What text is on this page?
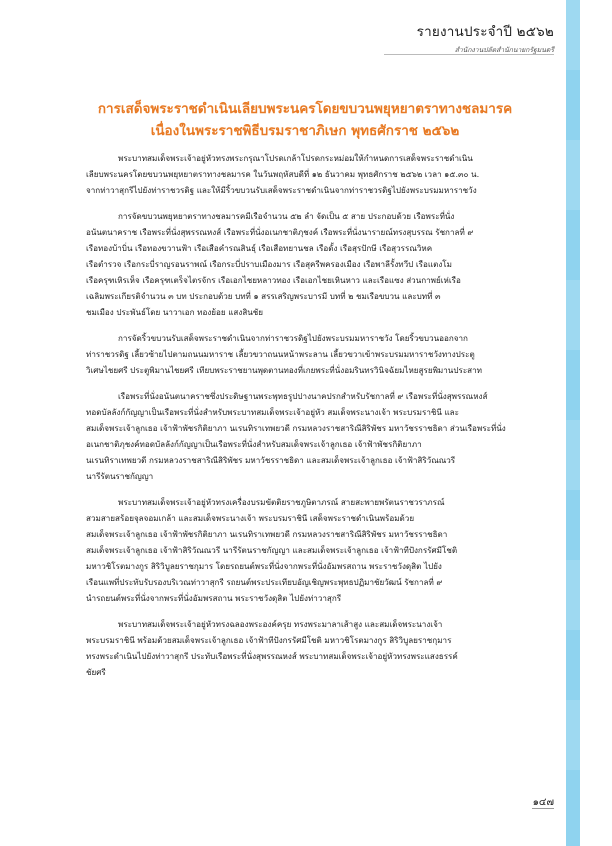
รายงานประจำปี ๒๕๖๒
สำนักงานปลัดสำนักนายกรัฐมนตรี
การเสด็จพระราชดำเนินเลียบพระนครโดยขบวนพยุหยาตราทางชลมารค
เนื่องในพระราชพิธีบรมราชาภิเษก พุทธศักราช ๒๕๖๒

พระบาทสมเด็จพระเจ้าอยู่หัวทรงพระกรุณาโปรดเกล้าโปรดกระหม่อมให้กำหนดการเสด็จพระราชดำเนิน
เลียบพระนครโดยขบวนพยุหยาตราทางชลมารค ในวันพฤหัสบดีที่ ๑๒ ธันวาคม พุทธศักราช ๒๕๖๒ เวลา ๑๕.๓๐ น.
จากท่าวาสุกรีไปยังท่าราชวรดิฐ และให้มีริ้วขบวนรับเสด็จพระราชดำเนินจากท่าราชวรดิฐไปยังพระบรมมหาราชวัง

การจัดขบวนพยุหยาตราทางชลมารคมีเรือจำนวน ๕๒ ลำ จัดเป็น ๕ สาย ประกอบด้วย เรือพระที่นั่ง
อนันตนาคราช เรือพระที่นั่งสุพรรณหงส์ เรือพระที่นั่งอเนกชาติภุชงค์ เรือพระที่นั่งนารายณ์ทรงสุบรรณ รัชกาลที่ ๙
เรือทองบ้าบิ่น เรือทองขวานฟ้า เรือเสือคำรณสินธุ์ เรือเสือทยานชล เรือดั้ง เรือสุรปักษี เรือสุวรรณวิหค
เรือตำรวจ เรือกระบี่ราญรอนราพณ์ เรือกระบี่ปราบเมืองมาร เรือสุครีพครองเมือง เรือพาลีรั้งทวีป เรือแตงโม
เรือครุฑเหิรเห็จ เรือครุฑเตร็จไตรจักร เรือเอกไชยหลาวทอง เรือเอกไชยเหินหาว และเรือแซง ส่วนกาพย์เห่เรือ
เฉลิมพระเกียรติจำนวน ๓ บท ประกอบด้วย บทที่ ๑ สรรเสริญพระบารมี บทที่ ๒ ชมเรือขบวน และบทที่ ๓
ชมเมือง ประพันธ์โดย นาวาเอก ทองย้อย แสงสินชัย

การจัดริ้วขบวนรับเสด็จพระราชดำเนินจากท่าราชวรดิฐไปยังพระบรมมหาราชวัง โดยริ้วขบวนออกจาก
ท่าราชวรดิฐ เลี้ยวซ้ายไปตามถนนมหาราช เลี้ยวขวาถนนหน้าพระลาน เลี้ยวขวาเข้าพระบรมมหาราชวังทางประตู
วิเศษไชยศรี ประตูพิมานไชยศรี เทียบพระราชยานพุดตานทองที่เกยพระที่นั่งอมรินทรวินิจฉัยมไหยสูรยพิมานประสาท

เรือพระที่นั่งอนันตนาคราชซึ่งประดิษฐานพระพุทธรูปปางนาคปรกสำหรับรัชกาลที่ ๙ เรือพระที่นั่งสุพรรณหงส์
ทอดบัลลังก์กัญญาเป็นเรือพระที่นั่งสำหรับพระบาทสมเด็จพระเจ้าอยู่หัว สมเด็จพระนางเจ้า พระบรมราชินี และ
สมเด็จพระเจ้าลูกเธอ เจ้าฟ้าพัชรกิติยาภา นเรนทิราเทพยวดี กรมหลวงราชสาริณีสิริพัชร มหาวัชรราชธิดา ส่วนเรือพระที่นั่ง
อเนกชาติภุชงค์ทอดบัลลังก์กัญญาเป็นเรือพระที่นั่งสำหรับสมเด็จพระเจ้าลูกเธอ เจ้าฟ้าพัชรกิติยาภา
นเรนทิราเทพยวดี กรมหลวงราชสาริณีสิริพัชร มหาวัชรราชธิดา และสมเด็จพระเจ้าลูกเธอ เจ้าฟ้าสิริวัณณวรี
นารีรัตนราชกัญญา

พระบาทสมเด็จพระเจ้าอยู่หัวทรงเครื่องบรมขัตติยราชภูษิตาภรณ์ สายสะพายพรัตนราชวราภรณ์
สวมสายสร้อยจุลจอมเกล้า และสมเด็จพระนางเจ้า พระบรมราชินี เสด็จพระราชดำเนินพร้อมด้วย
สมเด็จพระเจ้าลูกเธอ เจ้าฟ้าพัชรกิติยาภา นเรนทิราเทพยวดี กรมหลวงราชสาริณีสิริพัชร มหาวัชรราชธิดา
สมเด็จพระเจ้าลูกเธอ เจ้าฟ้าสิริวัณณวรี นารีรัตนราชกัญญา และสมเด็จพระเจ้าลูกเธอ เจ้าฟ้าทีปังกรรัศมีโชติ
มหาวชิโรตมางกูร สิริวิบูลยราชกุมาร โดยรถยนต์พระที่นั่งจากพระที่นั่งอัมพรสถาน พระราชวังดุสิต ไปยัง
เรือนแพที่ประทับรับรองบริเวณท่าวาสุกรี รถยนต์พระประเทียบอัญเชิญพระพุทธปฏิมาชัยวัฒน์ รัชกาลที่ ๙
นำรถยนต์พระที่นั่งจากพระที่นั่งอัมพรสถาน พระราชวังดุสิต ไปยังท่าวาสุกรี

พระบาทสมเด็จพระเจ้าอยู่หัวทรงฉลองพระองค์ครุย ทรงพระมาลาเส้าสูง และสมเด็จพระนางเจ้า
พระบรมราชินี พร้อมด้วยสมเด็จพระเจ้าลูกเธอ เจ้าฟ้าทีปังกรรัศมีโชติ มหาวชิโรตมางกูร สิริวิบูลยราชกุมาร
ทรงพระดำเนินไปยังท่าวาสุกรี ประทับเรือพระที่นั่งสุพรรณหงส์ พระบาทสมเด็จพระเจ้าอยู่หัวทรงพระแสงธรรค์
ชัยศรี

๑๔๗
